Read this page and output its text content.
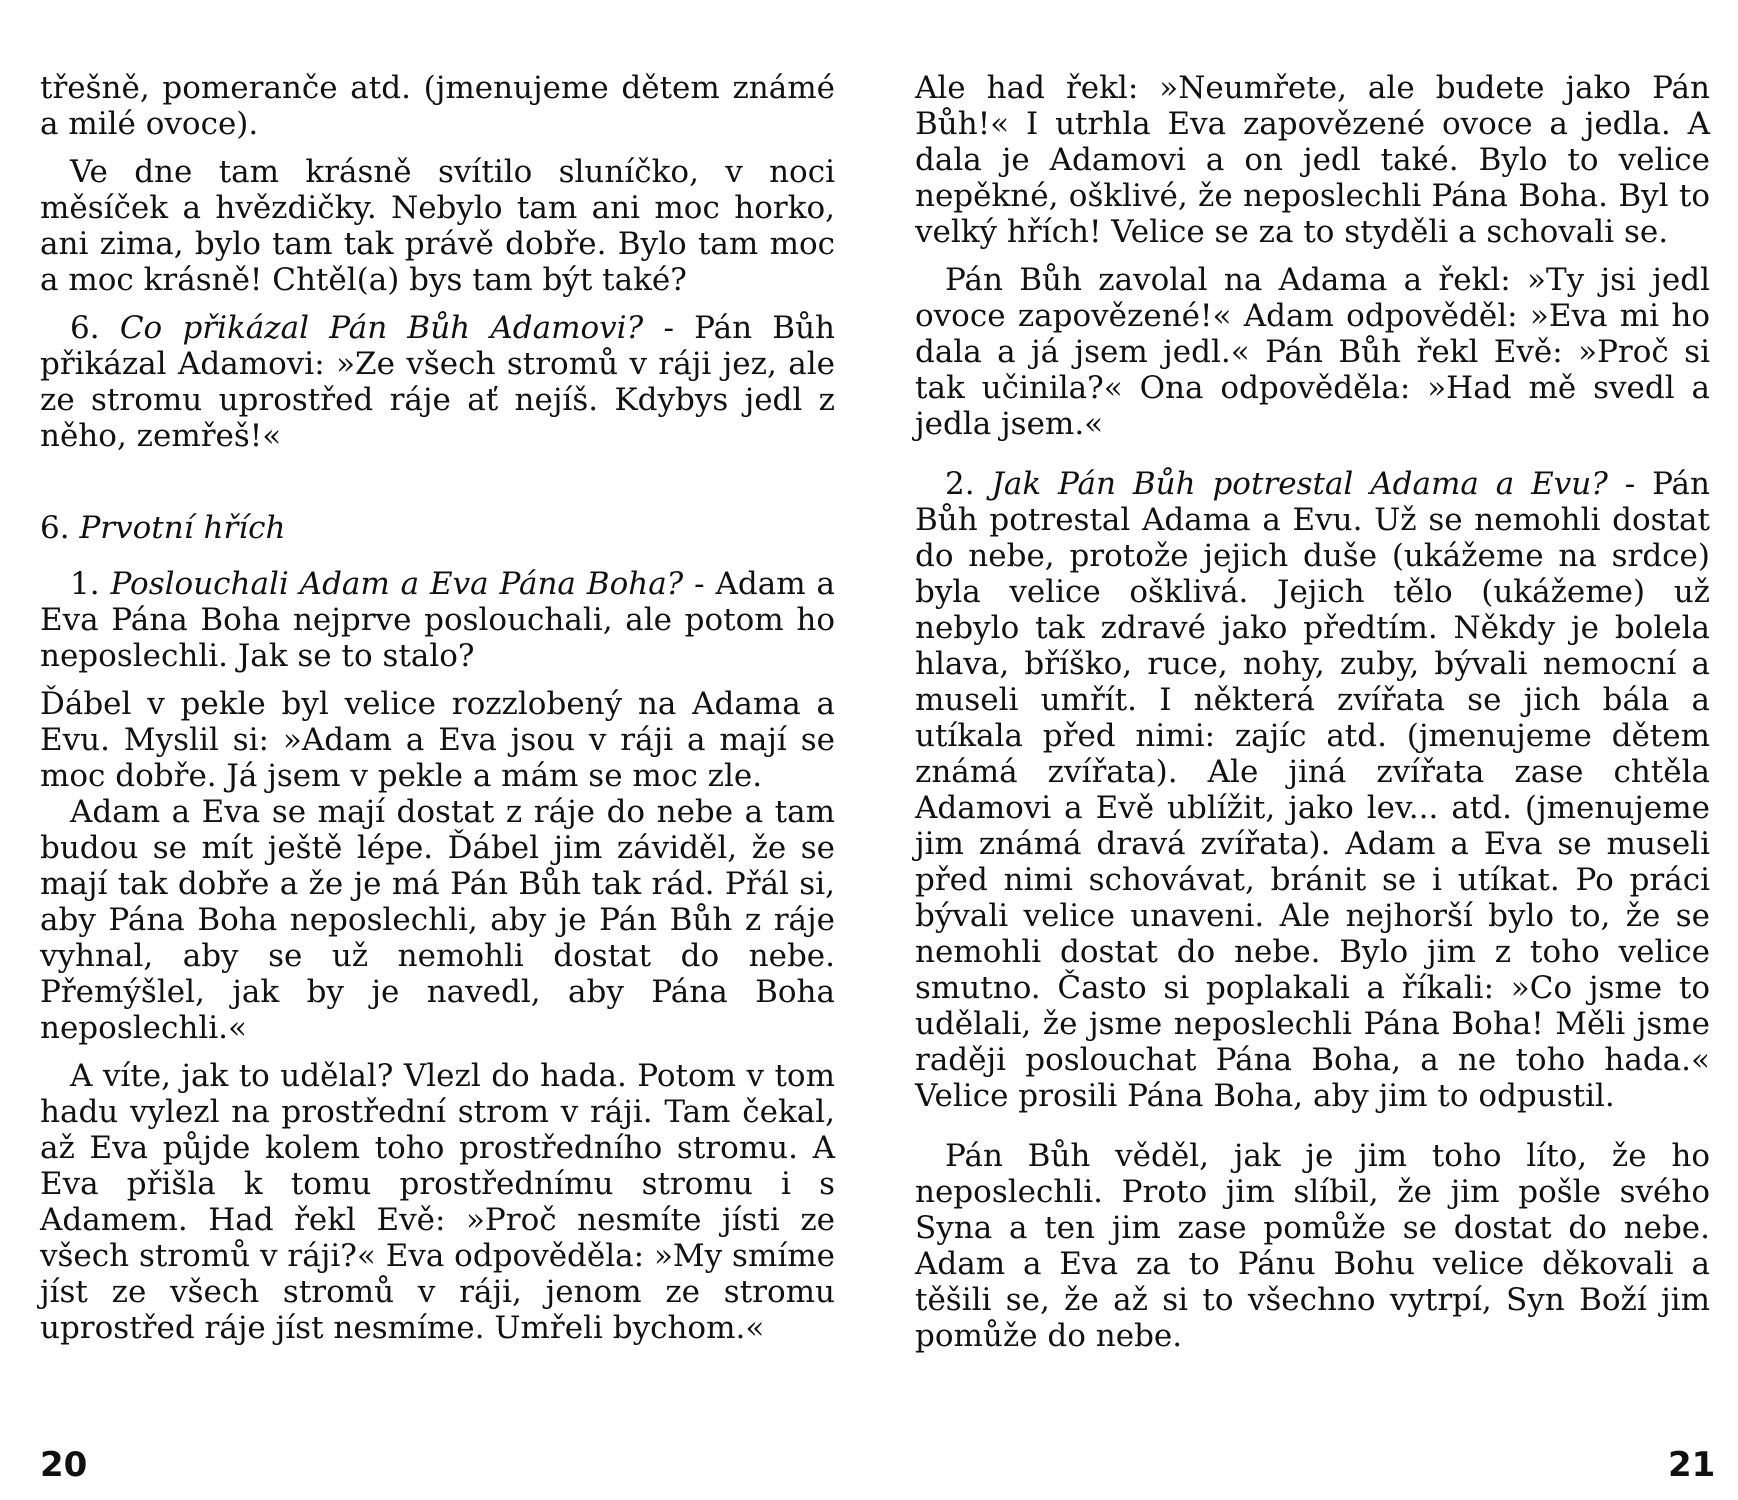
třešně, pomeranče atd. (jmenujeme dětem známé a milé ovoce).

Ve dne tam krásně svítilo sluníčko, v noci měsíček a hvězdičky. Nebylo tam ani moc horko, ani zima, bylo tam tak právě dobře. Bylo tam moc a moc krásně! Chtěl(a) bys tam být také?

6. Co přikázal Pán Bůh Adamovi? - Pán Bůh přikázal Adamovi: »Ze všech stromů v ráji jez, ale ze stromu uprostřed ráje ať nejíš. Kdybys jedl z něho, zemřeš!«

6. Prvotní hřích

1. Poslouchali Adam a Eva Pána Boha? - Adam a Eva Pána Boha nejprve poslouchali, ale potom ho neposlechli. Jak se to stalo?

Ďábel v pekle byl velice rozzlobený na Adama a Evu. Myslil si: »Adam a Eva jsou v ráji a mají se moc dobře. Já jsem v pekle a mám se moc zle.

Adam a Eva se mají dostat z ráje do nebe a tam budou se mít ještě lépe. Ďábel jim záviděl, že se mají tak dobře a že je má Pán Bůh tak rád. Přál si, aby Pána Boha neposlechli, aby je Pán Bůh z ráje vyhnal, aby se už nemohli dostat do nebe. Přemýšlel, jak by je navedl, aby Pána Boha neposlechli.«

A víte, jak to udělal? Vlezl do hada. Potom v tom hadu vylezl na prostřední strom v ráji. Tam čekal, až Eva půjde kolem toho prostředního stromu. A Eva přišla k tomu prostřednímu stromu i s Adamem. Had řekl Evě: »Proč nesmíte jísti ze všech stromů v ráji?« Eva odpověděla: »My smíme jíst ze všech stromů v ráji, jenom ze stromu uprostřed ráje jíst nesmíme. Umřeli bychom.«

Ale had řekl: »Neumřete, ale budete jako Pán Bůh!« I utrhla Eva zapovězené ovoce a jedla. A dala je Adamovi a on jedl také. Bylo to velice nepěkné, ošklivé, že neposlechli Pána Boha. Byl to velký hřích! Velice se za to styděli a schovali se.

Pán Bůh zavolal na Adama a řekl: »Ty jsi jedl ovoce zapovězené!« Adam odpověděl: »Eva mi ho dala a já jsem jedl.« Pán Bůh řekl Evě: »Proč si tak učinila?« Ona odpověděla: »Had mě svedl a jedla jsem.«

2. Jak Pán Bůh potrestal Adama a Evu? - Pán Bůh potrestal Adama a Evu. Už se nemohli dostat do nebe, protože jejich duše (ukážeme na srdce) byla velice ošklivá. Jejich tělo (ukážeme) už nebylo tak zdravé jako předtím. Někdy je bolela hlava, bříško, ruce, nohy, zuby, bývali nemocní a museli umřít. I některá zvířata se jich bála a utíkala před nimi: zajíc atd. (jmenujeme dětem známá zvířata). Ale jiná zvířata zase chtěla Adamovi a Evě ublížit, jako lev... atd. (jmenujeme jim známá dravá zvířata). Adam a Eva se museli před nimi schovávat, bránit se i utíkat. Po práci bývali velice unaveni. Ale nejhorší bylo to, že se nemohli dostat do nebe. Bylo jim z toho velice smutno. Často si poplakali a říkali: »Co jsme to udělali, že jsme neposlechli Pána Boha! Měli jsme raději poslouchat Pána Boha, a ne toho hada.« Velice prosili Pána Boha, aby jim to odpustil.

Pán Bůh věděl, jak je jim toho líto, že ho neposlechli. Proto jim slíbil, že jim pošle svého Syna a ten jim zase pomůže se dostat do nebe. Adam a Eva za to Pánu Bohu velice děkovali a těšili se, že až si to všechno vytrpí, Syn Boží jim pomůže do nebe.

20	21
